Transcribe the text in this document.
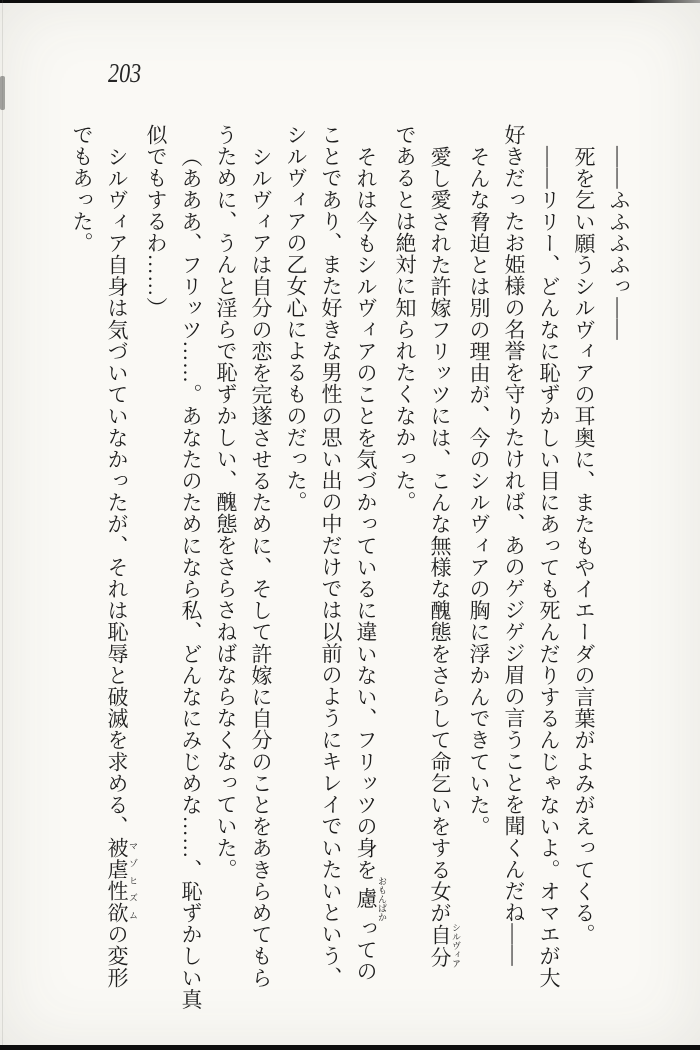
203

――ふふふふっ――

死を乞い願うシルヴィアの耳奥に、またもやイエーダの言葉がよみがえってくる。

――リリー、どんなに恥ずかしい目にあっても死んだりするんじゃないよ。オマエが大

好きだったお姫様の名誉を守りたければ、あのゲジゲジ眉の言うことを聞くんだね――

そんな脅迫とは別の理由が、今のシルヴィアの胸に浮かんできていた。

愛し愛された許嫁フリッツには、こんな無様な醜態をさらして命乞いをする女が自分 シルヴィア

であるとは絶対に知られたくなかった。

それは今もシルヴィアのことを気づかっているに違いない、フリッツの身を慮 おもんぱかっての

ことであり、また好きな男性の思い出の中だけでは以前のようにキレイでいたいという、

シルヴィアの乙女心によるものだった。

シルヴィアは自分の恋を完遂させるために、そして許嫁に自分のことをあきらめてもら

うために、うんと淫らで恥ずかしい、醜態をさらさねばならなくなっていた。

（あああ、フリッツ……。あなたのためになら私、どんなにみじめな……、恥ずかしい真

似でもするわ……）

シルヴィア自身は気づいていなかったが、それは恥辱と破滅を求める、被虐性欲 マゾヒズムの変形

でもあった。
